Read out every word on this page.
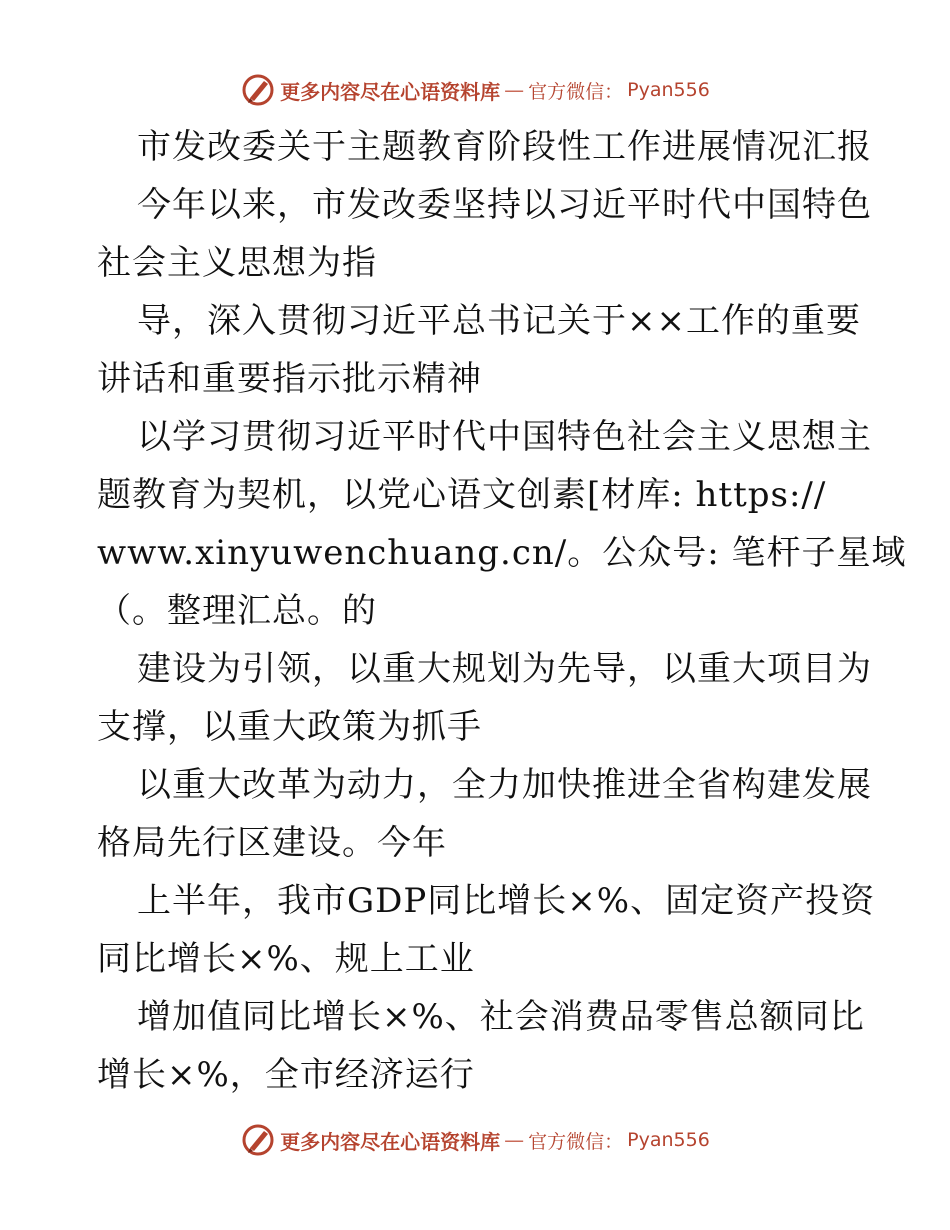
更多内容尽在心语资料库 — 官方微信： Pyan556
市发改委关于主题教育阶段性工作进展情况汇报
今年以来，市发改委坚持以习近平时代中国特色
社会主义思想为指
导，深入贯彻习近平总书记关于××工作的重要
讲话和重要指示批示精神
以学习贯彻习近平时代中国特色社会主义思想主
题教育为契机，以党心语文创素[材库: https://
www.xinyuwenchuang.cn/。公众号: 笔杆子星域
（。整理汇总。的
建设为引领，以重大规划为先导，以重大项目为
支撑，以重大政策为抓手
以重大改革为动力，全力加快推进全省构建发展
格局先行区建设。今年
上半年，我市GDP同比增长×%、固定资产投资
同比增长×%、规上工业
增加值同比增长×%、社会消费品零售总额同比
增长×%，全市经济运行
更多内容尽在心语资料库 — 官方微信： Pyan556
